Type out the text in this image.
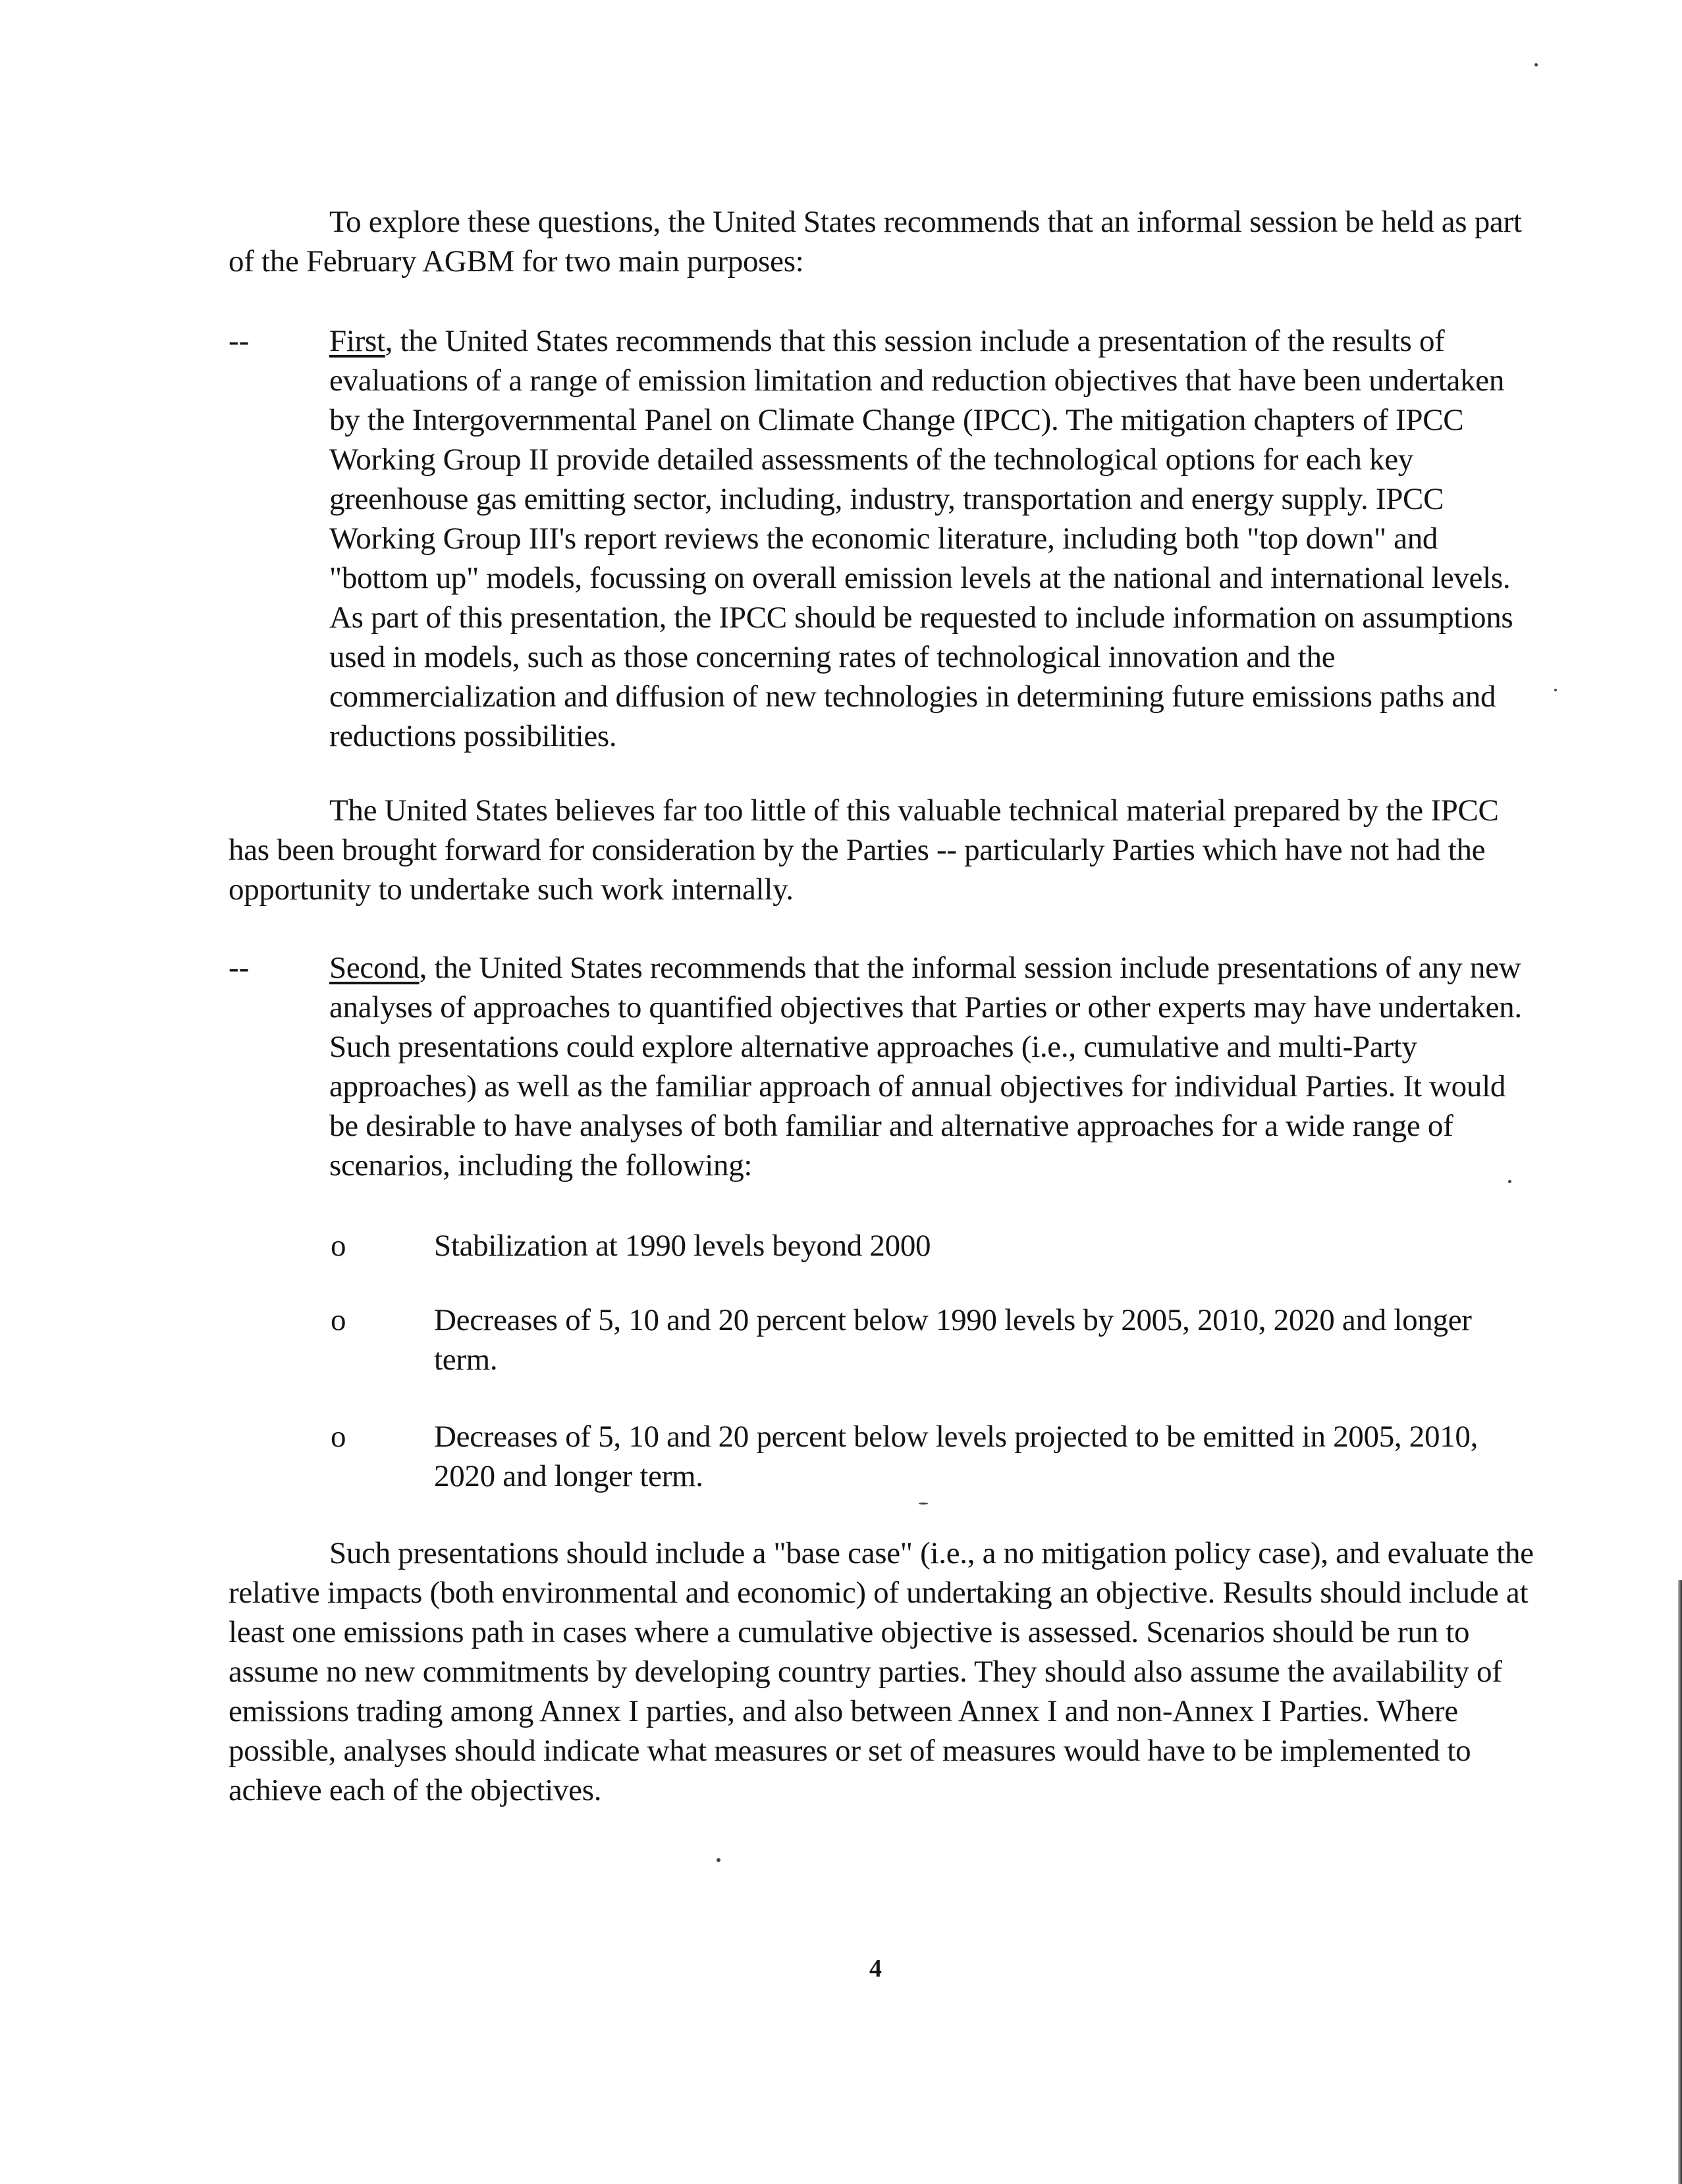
To explore these questions, the United States recommends that an informal session be held as part of the February AGBM for two main purposes:
--	First, the United States recommends that this session include a presentation of the results of evaluations of a range of emission limitation and reduction objectives that have been undertaken by the Intergovernmental Panel on Climate Change (IPCC). The mitigation chapters of IPCC Working Group II provide detailed assessments of the technological options for each key greenhouse gas emitting sector, including, industry, transportation and energy supply. IPCC Working Group III's report reviews the economic literature, including both "top down" and "bottom up" models, focussing on overall emission levels at the national and international levels. As part of this presentation, the IPCC should be requested to include information on assumptions used in models, such as those concerning rates of technological innovation and the commercialization and diffusion of new technologies in determining future emissions paths and reductions possibilities.
The United States believes far too little of this valuable technical material prepared by the IPCC has been brought forward for consideration by the Parties -- particularly Parties which have not had the opportunity to undertake such work internally.
--	Second, the United States recommends that the informal session include presentations of any new analyses of approaches to quantified objectives that Parties or other experts may have undertaken. Such presentations could explore alternative approaches (i.e., cumulative and multi-Party approaches) as well as the familiar approach of annual objectives for individual Parties. It would be desirable to have analyses of both familiar and alternative approaches for a wide range of scenarios, including the following:
o	Stabilization at 1990 levels beyond 2000
o	Decreases of 5, 10 and 20 percent below 1990 levels by 2005, 2010, 2020 and longer term.
o	Decreases of 5, 10 and 20 percent below levels projected to be emitted in 2005, 2010, 2020 and longer term.
Such presentations should include a "base case" (i.e., a no mitigation policy case), and evaluate the relative impacts (both environmental and economic) of undertaking an objective. Results should include at least one emissions path in cases where a cumulative objective is assessed. Scenarios should be run to assume no new commitments by developing country parties. They should also assume the availability of emissions trading among Annex I parties, and also between Annex I and non-Annex I Parties. Where possible, analyses should indicate what measures or set of measures would have to be implemented to achieve each of the objectives.
4
